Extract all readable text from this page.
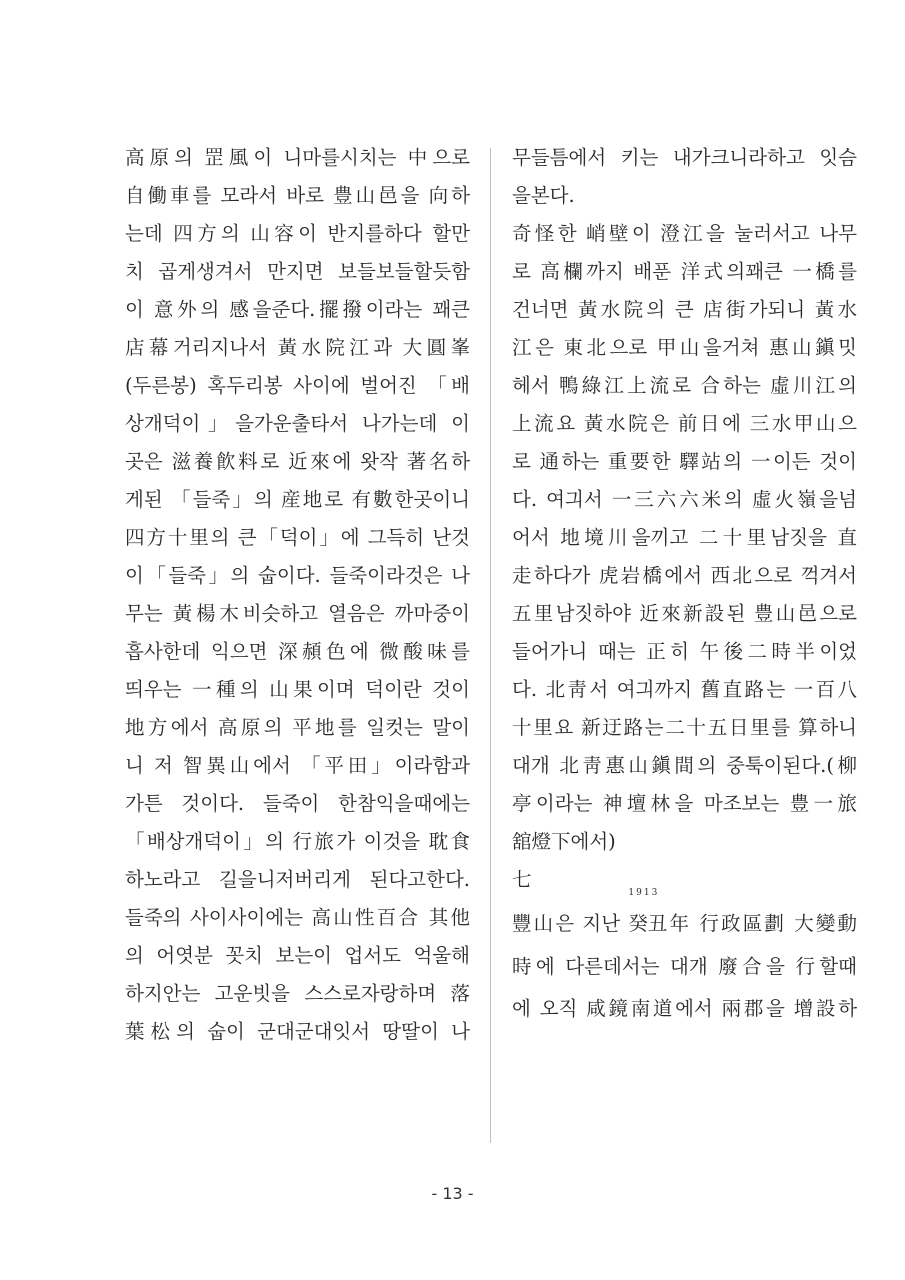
高原의 罡風이 니마를시치는 中으로
自働車를 모라서 바로 豊山邑을 向하
는데 四方의 山容이 반지를하다 할만
치 곱게생겨서 만지면 보들보들할듯함
이 意外의 感을준다.擺撥이라는 꽤큰
店幕거리지나서 黃水院江과 大圓峯
(두른봉) 혹두리봉 사이에 벌어진 「배
상개덕이」을가운출타서 나가는데 이
곳은 滋養飮料로 近來에 왓작 著名하
게된 「들죽」의 産地로 有數한곳이니
四方十里의 큰「덕이」에 그득히 난것
이「들죽」의 숩이다. 들죽이라것은 나
무는 黃楊木비슷하고 열음은 까마중이
흡사한데 익으면 深頳色에 微酸味를
띄우는 一種의 山果이며 덕이란 것이
地方에서 高原의 平地를 일컷는 말이
니 저 智異山에서 「平田」이라함과
가튼 것이다. 들죽이 한참익을때에는
「배상개덕이」의 行旅가 이것을 耽食
하노라고 길을니저버리게 된다고한다.
들죽의 사이사이에는 高山性百合 其他
의 어엿분 꼿치 보는이 업서도 억울해
하지안는 고운빗을 스스로자랑하며 落
葉松의 숩이 군대군대잇서 땅딸이 나
무들틈에서 키는 내가크니라하고 잇슴
을본다.
奇怪한 峭壁이 澄江을 눌러서고 나무
로 高欄까지 배푼 洋式의꽤큰 一橋를
건너면 黃水院의 큰 店街가되니 黃水
江은 東北으로 甲山을거쳐 惠山鎭밋
헤서 鴨綠江上流로 合하는 虛川江의
上流요 黃水院은 前日에 三水甲山으
로 通하는 重要한 驛站의 一이든 것이
다. 여긔서 一三六六米의 虛火嶺을넘
어서 地境川을끼고 二十里남짓을 直
走하다가 虎岩橋에서 西北으로 꺽겨서
五里남짓하야 近來新設된 豊山邑으로
들어가니 때는 正히 午後二時半이었
다. 北靑서 여긔까지 舊直路는 一百八
十里요 新迂路는二十五日里를 算하니
대개 北靑惠山鎭間의 중툭이된다.(柳
亭이라는 神壇林을 마조보는 豊一旅
舘燈下에서)
七
豐山은 지난
1913
癸丑年 行政區劃 大變動
時에 다른데서는 대개 廢合을 行할때
에 오직 咸鏡南道에서 兩郡을 增設하
- 13 -
